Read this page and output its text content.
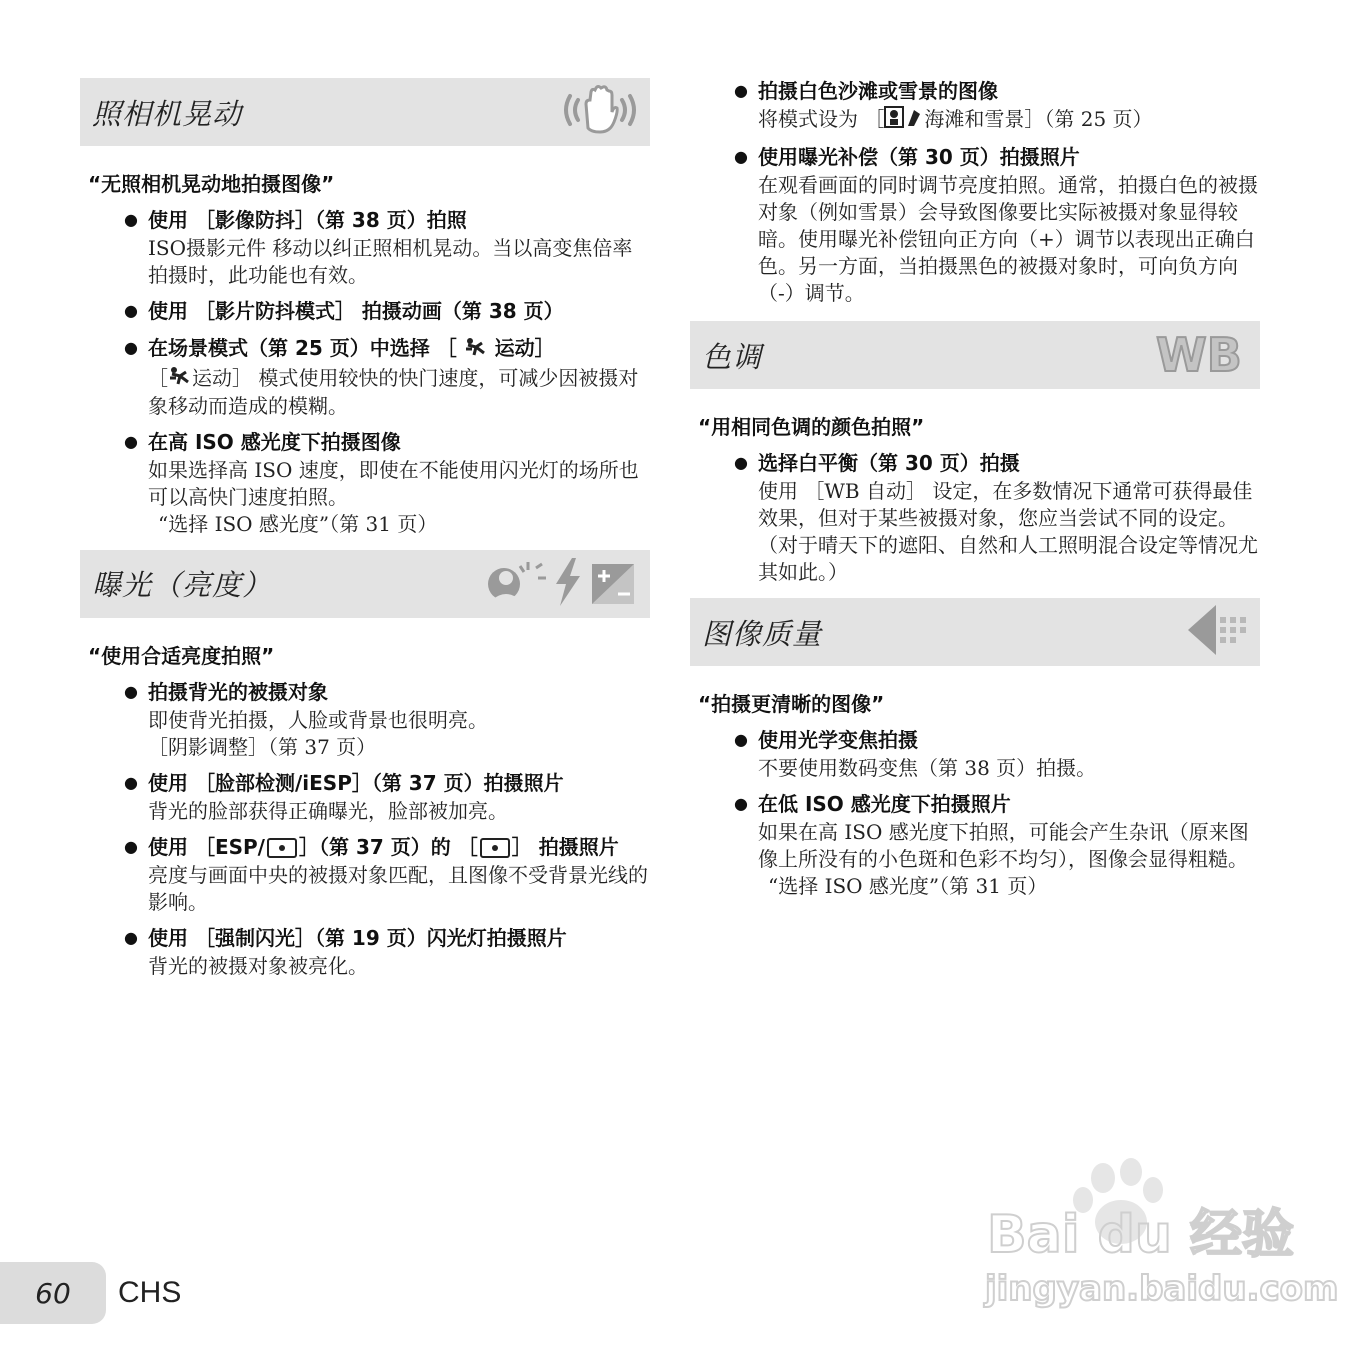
照相机晃动
“无照相机晃动地拍摄图像”
● 使用 ［影像防抖］（第 38 页）拍照
ISO摄影元件 移动以纠正照相机晃动。当以高变焦倍率拍摄时，此功能也有效。
● 使用 ［影片防抖模式］ 拍摄动画（第 38 页）
● 在场景模式（第 25 页）中选择 ［ 运动］
［ 运动］ 模式使用较快的快门速度，可减少因被摄对象移动而造成的模糊。
● 在高 ISO 感光度下拍摄图像
如果选择高 ISO 速度，即使在不能使用闪光灯的场所也可以高快门速度拍照。
“选择 ISO 感光度”（第 31 页）
曝光（亮度）
“使用合适亮度拍照”
● 拍摄背光的被摄对象
即使背光拍摄，人脸或背景也很明亮。
［阴影调整］（第 37 页）
● 使用 ［脸部检测/iESP］（第 37 页）拍摄照片
背光的脸部获得正确曝光，脸部被加亮。
● 使用 ［ESP/ ］（第 37 页）的 ［ ］ 拍摄照片
亮度与画面中央的被摄对象匹配，且图像不受背景光线的影响。
● 使用 ［强制闪光］（第 19 页）闪光灯拍摄照片
背光的被摄对象被亮化。
● 拍摄白色沙滩或雪景的图像
将模式设为 ［ 海滩和雪景］（第 25 页）
● 使用曝光补偿（第 30 页）拍摄照片
在观看画面的同时调节亮度拍照。通常，拍摄白色的被摄对象（例如雪景）会导致图像要比实际被摄对象显得较暗。使用曝光补偿钮向正方向（+）调节以表现出正确白色。另一方面，当拍摄黑色的被摄对象时，可向负方向（-）调节。
色调	WB
“用相同色调的颜色拍照”
● 选择白平衡（第 30 页）拍摄
使用 ［WB 自动］ 设定，在多数情况下通常可获得最佳效果，但对于某些被摄对象，您应当尝试不同的设定。（对于晴天下的遮阳、自然和人工照明混合设定等情况尤其如此。）
图像质量
“拍摄更清晰的图像”
● 使用光学变焦拍摄
不要使用数码变焦（第 38 页）拍摄。
● 在低 ISO 感光度下拍摄照片
如果在高 ISO 感光度下拍照，可能会产生杂讯（原来图像上所没有的小色斑和色彩不均匀），图像会显得粗糙。
“选择 ISO 感光度”（第 31 页）
60 CHS
Bai du 经验
jingyan.baidu.com
